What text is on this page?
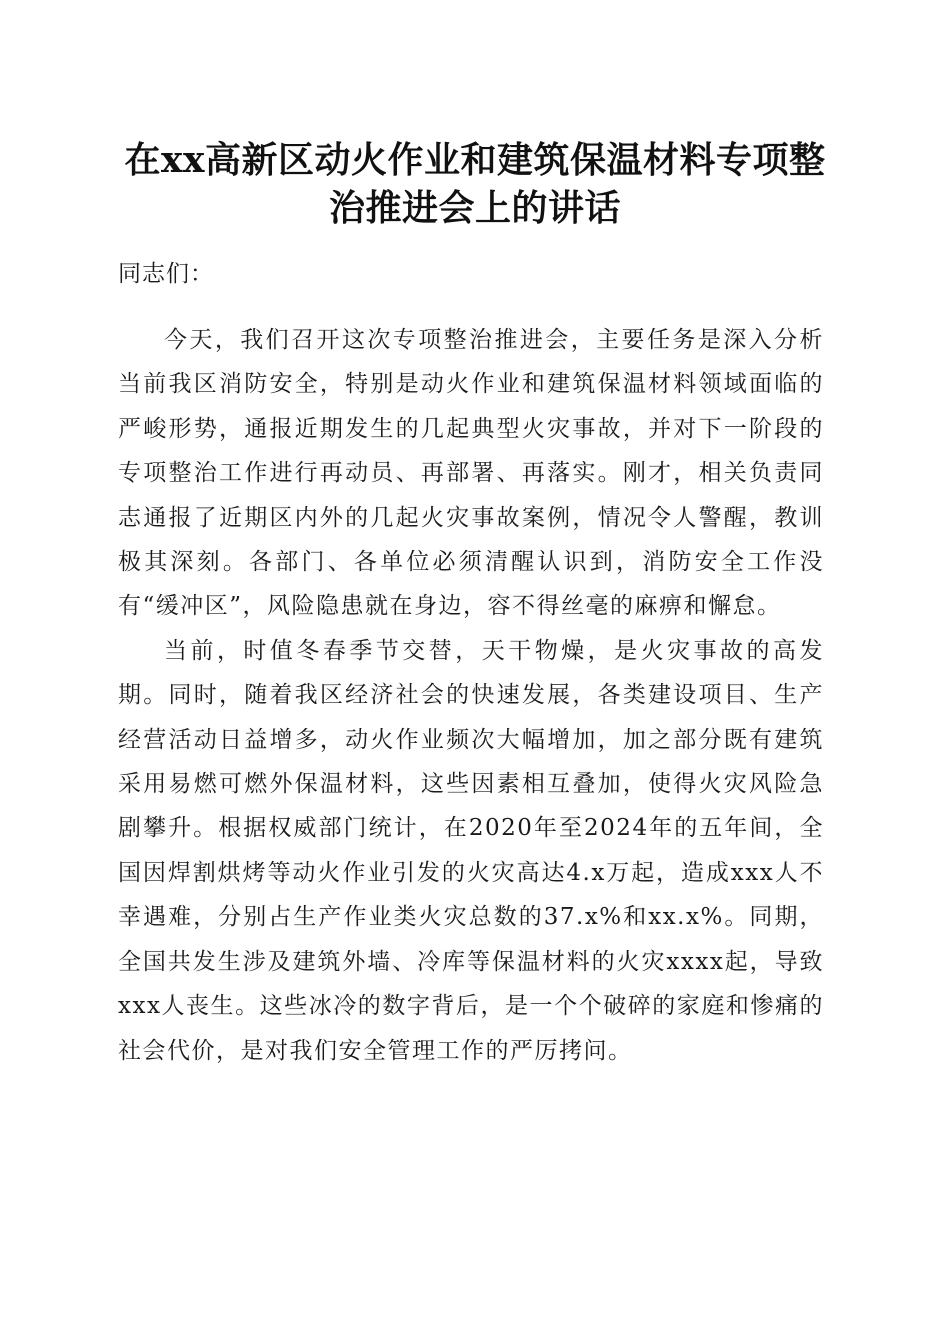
在xx高新区动火作业和建筑保温材料专项整治推进会上的讲话

同志们：

今天，我们召开这次专项整治推进会，主要任务是深入分析当前我区消防安全，特别是动火作业和建筑保温材料领域面临的严峻形势，通报近期发生的几起典型火灾事故，并对下一阶段的专项整治工作进行再动员、再部署、再落实。刚才，相关负责同志通报了近期区内外的几起火灾事故案例，情况令人警醒，教训极其深刻。各部门、各单位必须清醒认识到，消防安全工作没有“缓冲区”，风险隐患就在身边，容不得丝毫的麻痹和懈怠。

当前，时值冬春季节交替，天干物燥，是火灾事故的高发期。同时，随着我区经济社会的快速发展，各类建设项目、生产经营活动日益增多，动火作业频次大幅增加，加之部分既有建筑采用易燃可燃外保温材料，这些因素相互叠加，使得火灾风险急剧攀升。根据权威部门统计，在2020年至2024年的五年间，全国因焊割烘烤等动火作业引发的火灾高达4.x万起，造成xxx人不幸遇难，分别占生产作业类火灾总数的37.x%和xx.x%。同期，全国共发生涉及建筑外墙、冷库等保温材料的火灾xxxx起，导致xxx人丧生。这些冰冷的数字背后，是一个个破碎的家庭和惨痛的社会代价，是对我们安全管理工作的严厉拷问。
